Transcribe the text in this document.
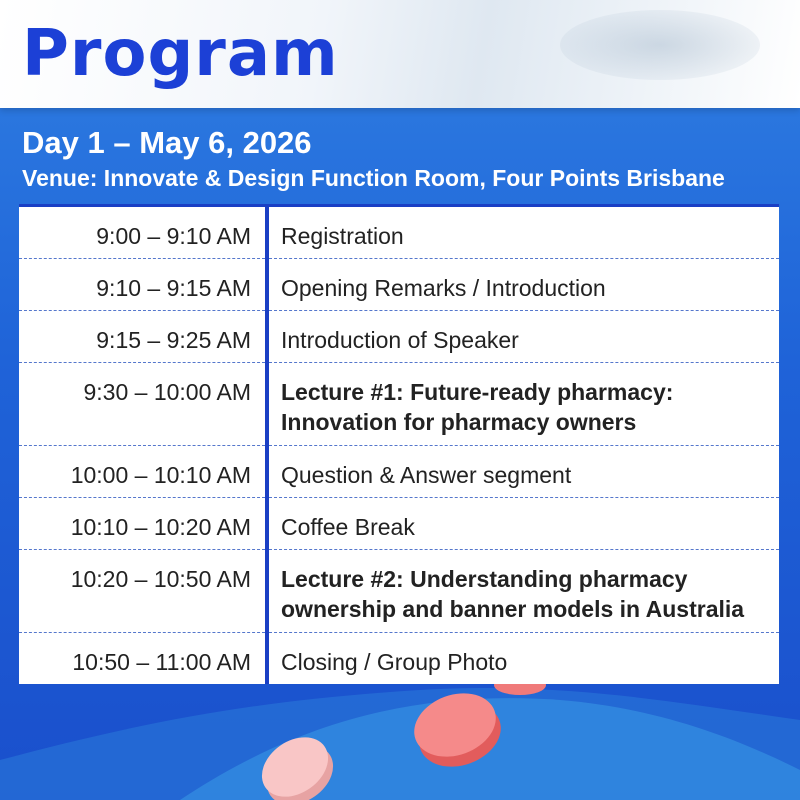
Program
Day 1 – May 6, 2026

Venue: Innovate & Design Function Room, Four Points Brisbane

9:00 – 9:10 AM	Registration
9:10 – 9:15 AM	Opening Remarks / Introduction
9:15 – 9:25 AM	Introduction of Speaker
9:30 – 10:00 AM	Lecture #1: Future-ready pharmacy: Innovation for pharmacy owners
10:00 – 10:10 AM	Question & Answer segment
10:10 – 10:20 AM	Coffee Break
10:20 – 10:50 AM	Lecture #2: Understanding pharmacy ownership and banner models in Australia
10:50 – 11:00 AM	Closing / Group Photo
